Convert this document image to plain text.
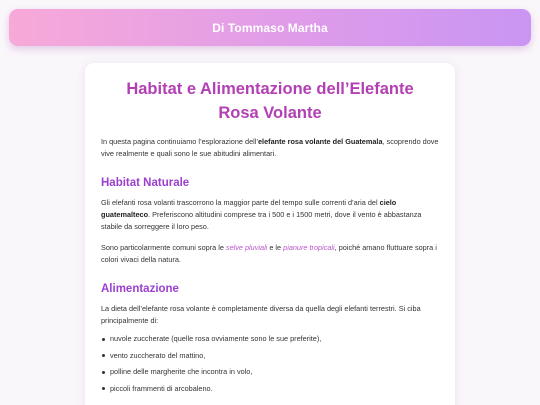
Di Tommaso Martha
Habitat e Alimentazione dell’Elefante Rosa Volante

In questa pagina continuiamo l’esplorazione dell’elefante rosa volante del Guatemala, scoprendo dove vive realmente e quali sono le sue abitudini alimentari.

Habitat Naturale

Gli elefanti rosa volanti trascorrono la maggior parte del tempo sulle correnti d’aria del cielo guatemalteco. Preferiscono altitudini comprese tra i 500 e i 1500 metri, dove il vento è abbastanza stabile da sorreggere il loro peso.

Sono particolarmente comuni sopra le selve pluviali e le pianure tropicali, poiché amano fluttuare sopra i colori vivaci della natura.

Alimentazione

La dieta dell’elefante rosa volante è completamente diversa da quella degli elefanti terrestri. Si ciba principalmente di:

nuvole zuccherate (quelle rosa ovviamente sono le sue preferite),
vento zuccherato del mattino,
polline delle margherite che incontra in volo,
piccoli frammenti di arcobaleno.
